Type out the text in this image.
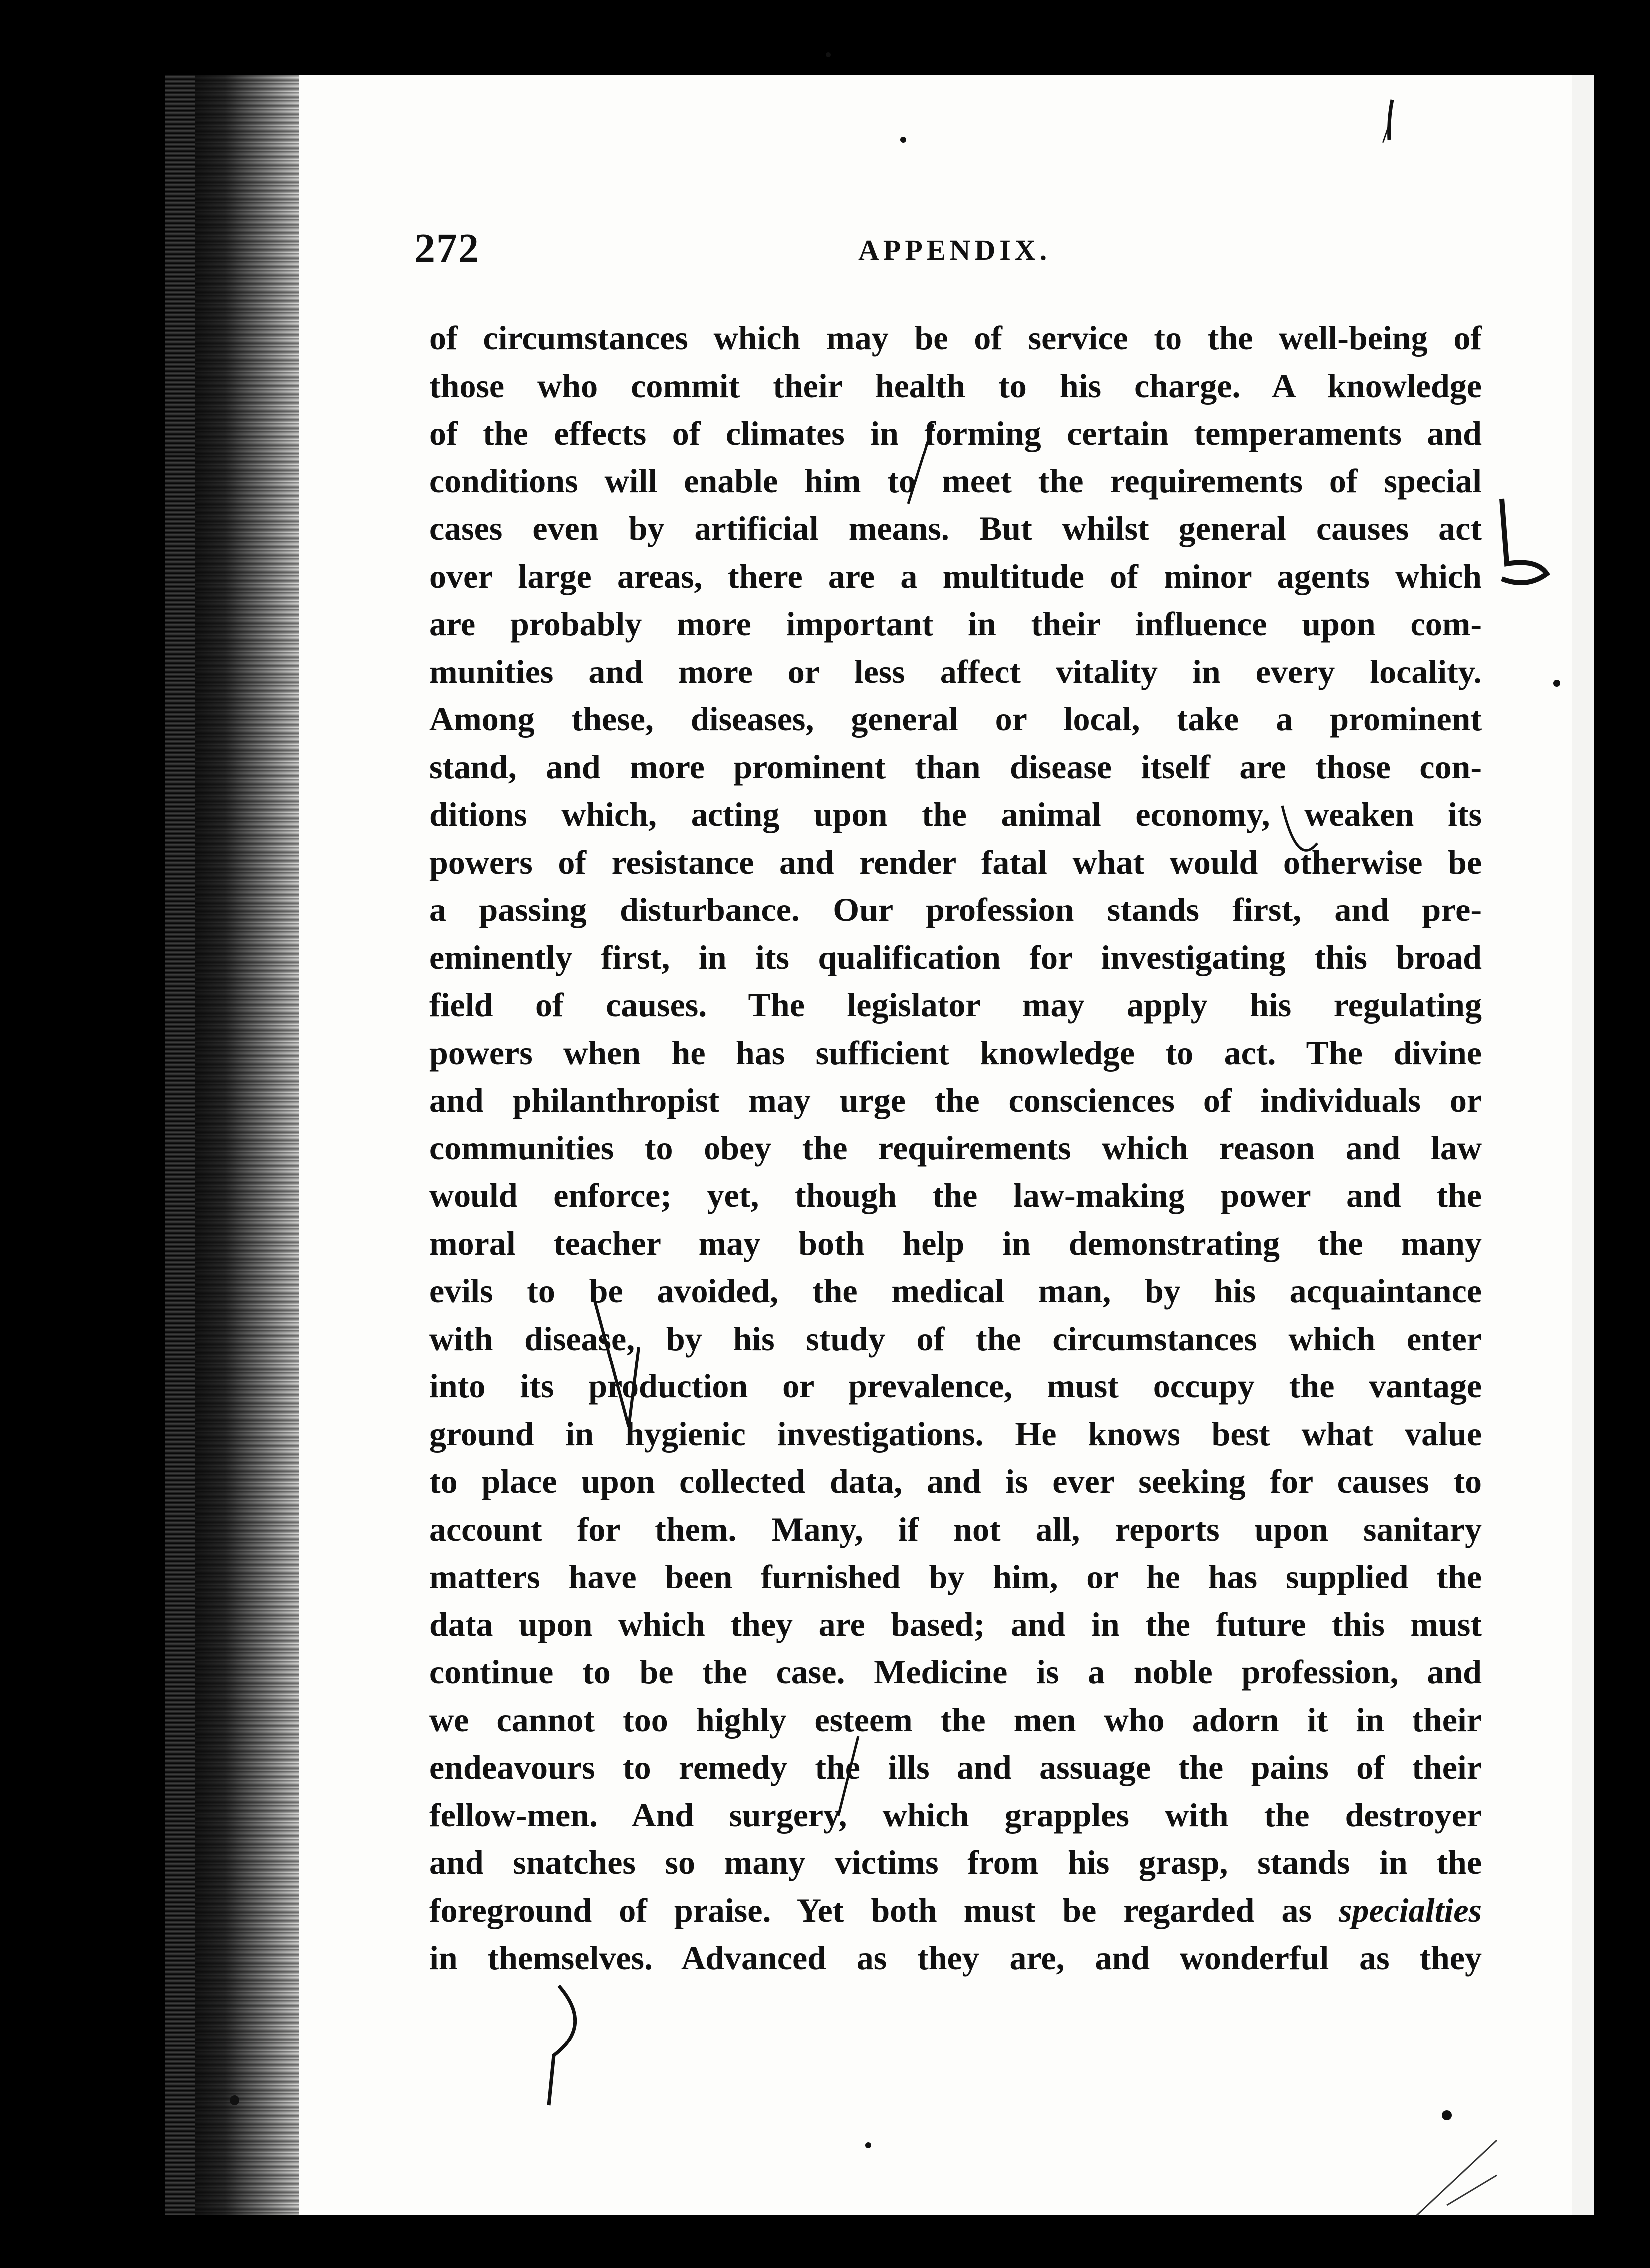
272	APPENDIX.
of circumstances which may be of service to the well-being of
those who commit their health to his charge. A knowledge
of the effects of climates in forming certain temperaments and
conditions will enable him to meet the requirements of special
cases even by artificial means. But whilst general causes act
over large areas, there are a multitude of minor agents which
are probably more important in their influence upon com-
munities and more or less affect vitality in every locality.
Among these, diseases, general or local, take a prominent
stand, and more prominent than disease itself are those con-
ditions which, acting upon the animal economy, weaken its
powers of resistance and render fatal what would otherwise be
a passing disturbance. Our profession stands first, and pre-
eminently first, in its qualification for investigating this broad
field of causes. The legislator may apply his regulating
powers when he has sufficient knowledge to act. The divine
and philanthropist may urge the consciences of individuals or
communities to obey the requirements which reason and law
would enforce; yet, though the law-making power and the
moral teacher may both help in demonstrating the many
evils to be avoided, the medical man, by his acquaintance
with disease, by his study of the circumstances which enter
into its production or prevalence, must occupy the vantage
ground in hygienic investigations. He knows best what value
to place upon collected data, and is ever seeking for causes to
account for them. Many, if not all, reports upon sanitary
matters have been furnished by him, or he has supplied the
data upon which they are based; and in the future this must
continue to be the case. Medicine is a noble profession, and
we cannot too highly esteem the men who adorn it in their
endeavours to remedy the ills and assuage the pains of their
fellow-men. And surgery, which grapples with the destroyer
and snatches so many victims from his grasp, stands in the
foreground of praise. Yet both must be regarded as specialties
in themselves. Advanced as they are, and wonderful as they
/
